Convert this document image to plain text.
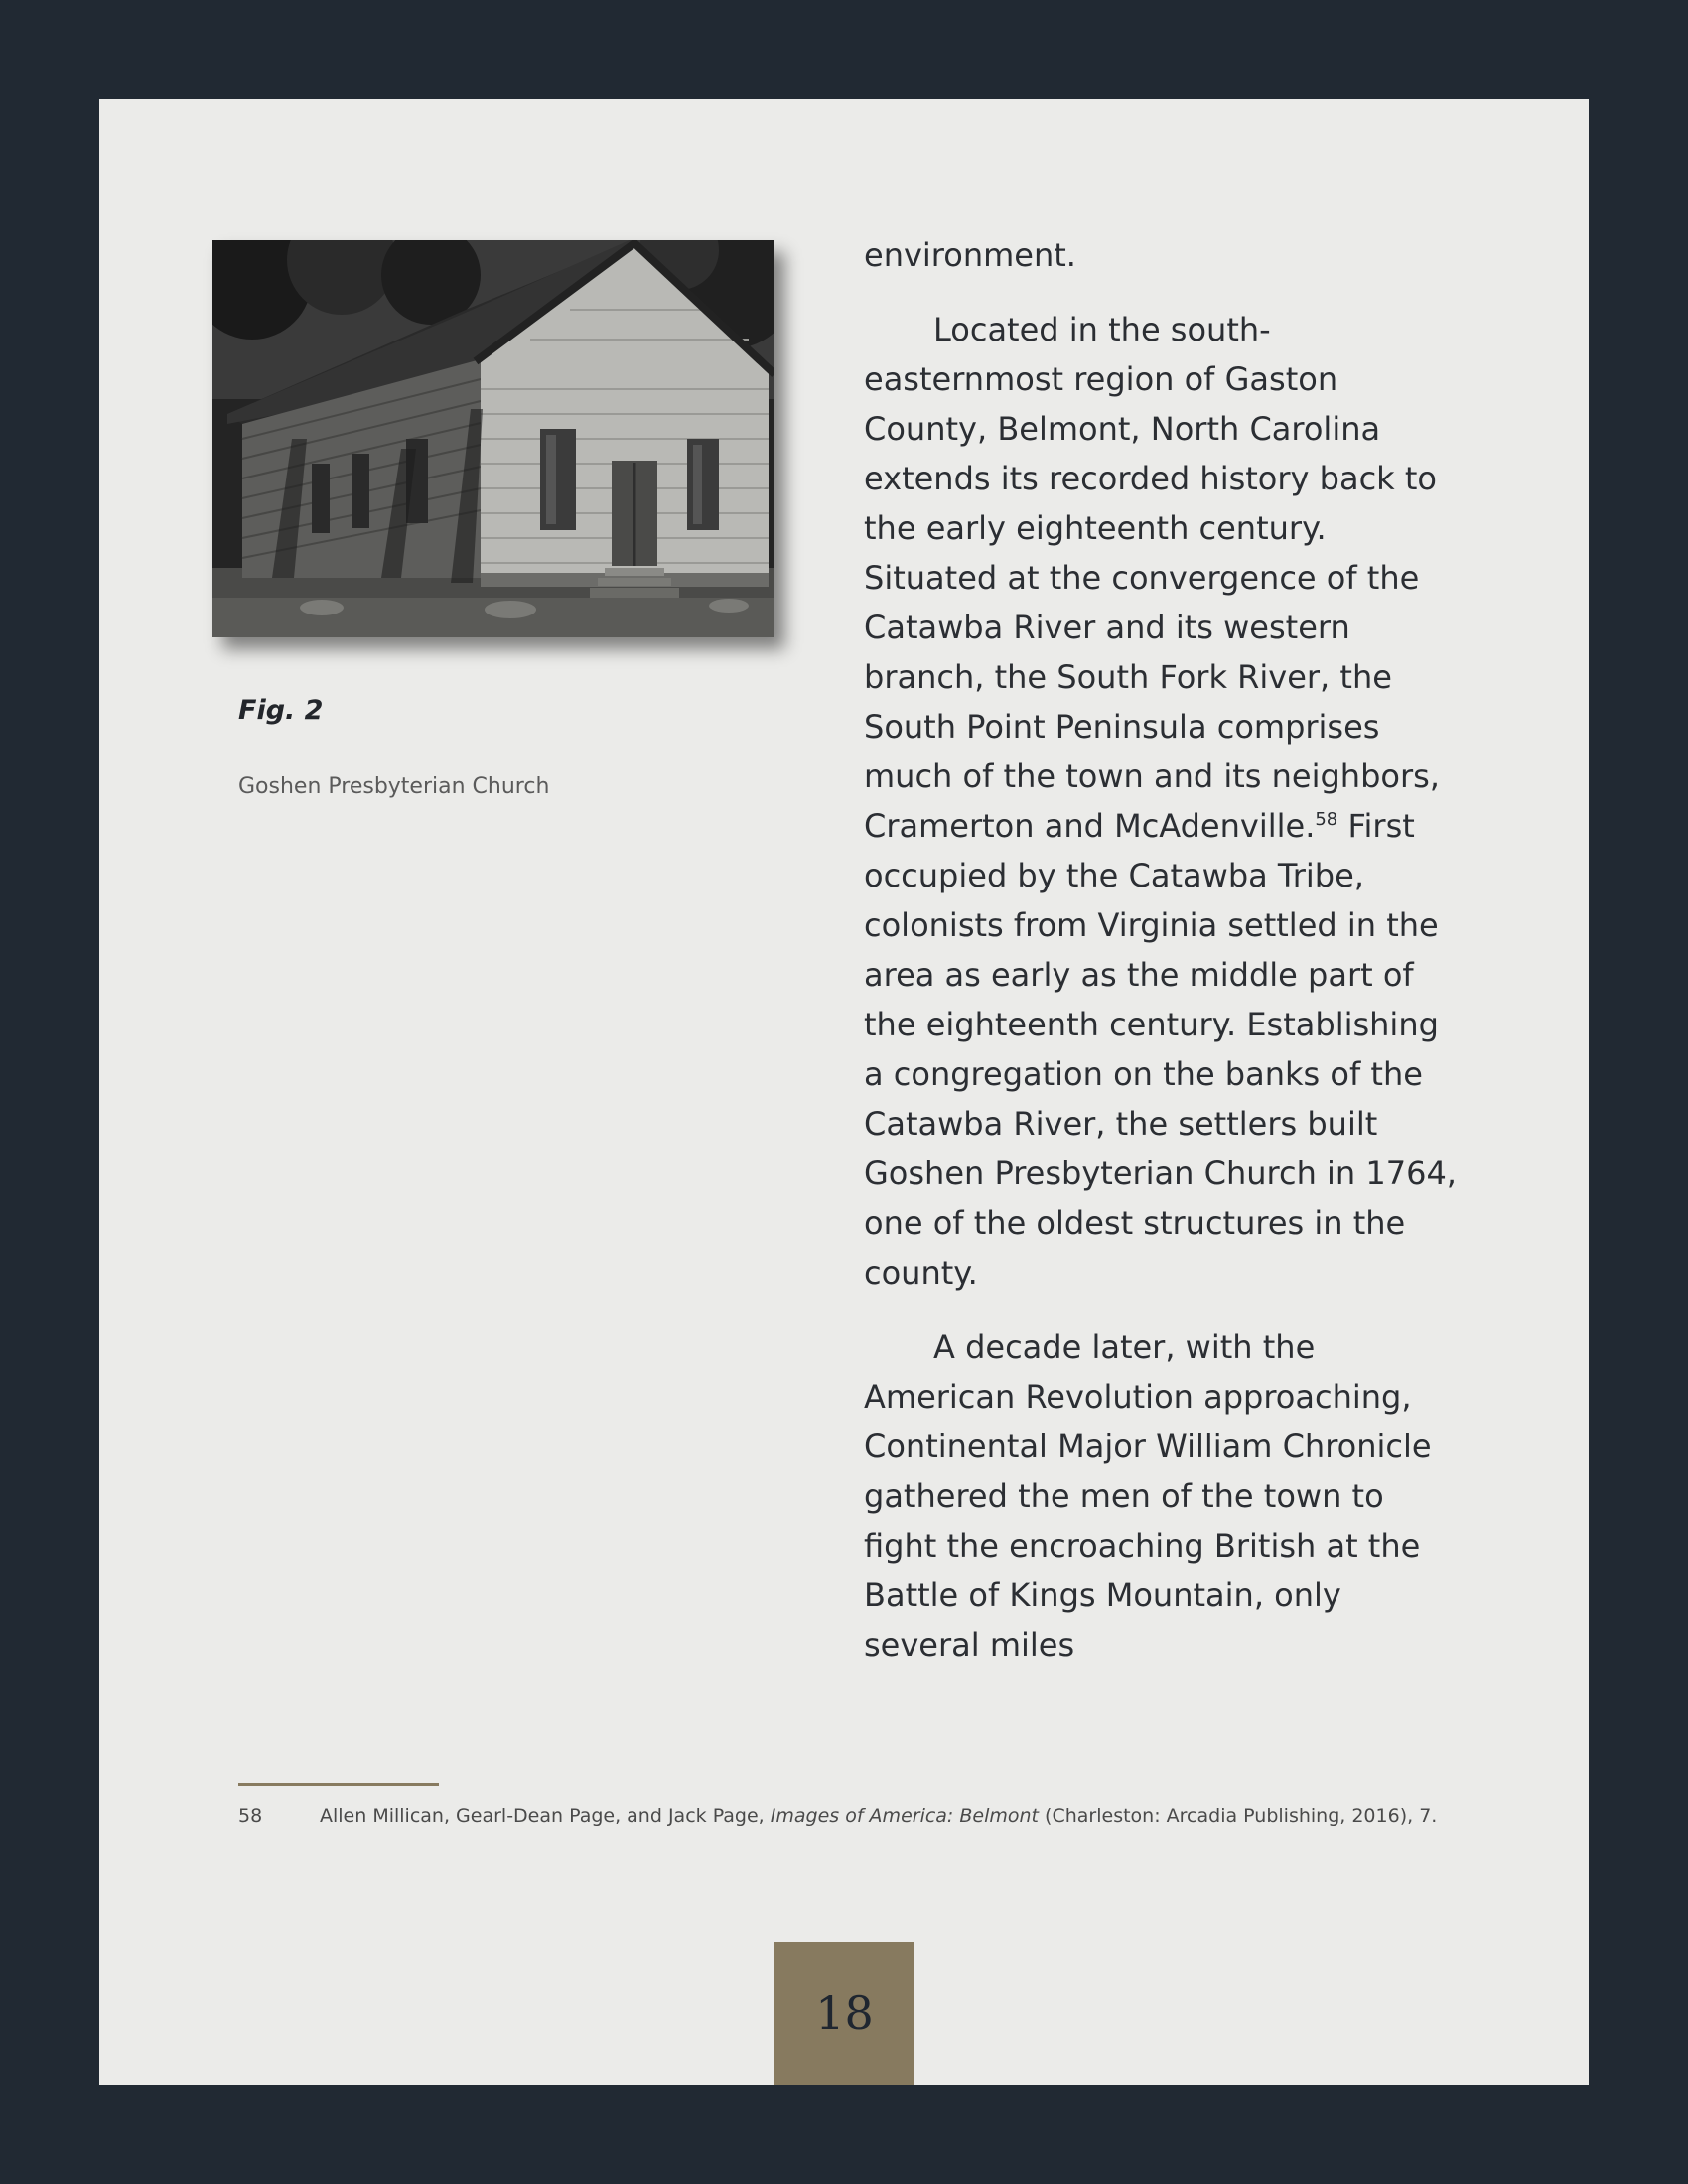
Fig. 2
Goshen Presbyterian Church

environment.

Located in the south-easternmost region of Gaston County, Belmont, North Carolina extends its recorded history back to the early eighteenth century. Situated at the convergence of the Catawba River and its western branch, the South Fork River, the South Point Peninsula comprises much of the town and its neighbors, Cramerton and McAdenville.$^{58}$ First occupied by the Catawba Tribe, colonists from Virginia settled in the area as early as the middle part of the eighteenth century. Establishing a congregation on the banks of the Catawba River, the settlers built Goshen Presbyterian Church in 1764, one of the oldest structures in the county.

A decade later, with the American Revolution approaching, Continental Major William Chronicle gathered the men of the town to fight the encroaching British at the Battle of Kings Mountain, only several miles

58	Allen Millican, Gearl-Dean Page, and Jack Page, Images of America: Belmont (Charleston: Arcadia Publishing, 2016), 7.
18
